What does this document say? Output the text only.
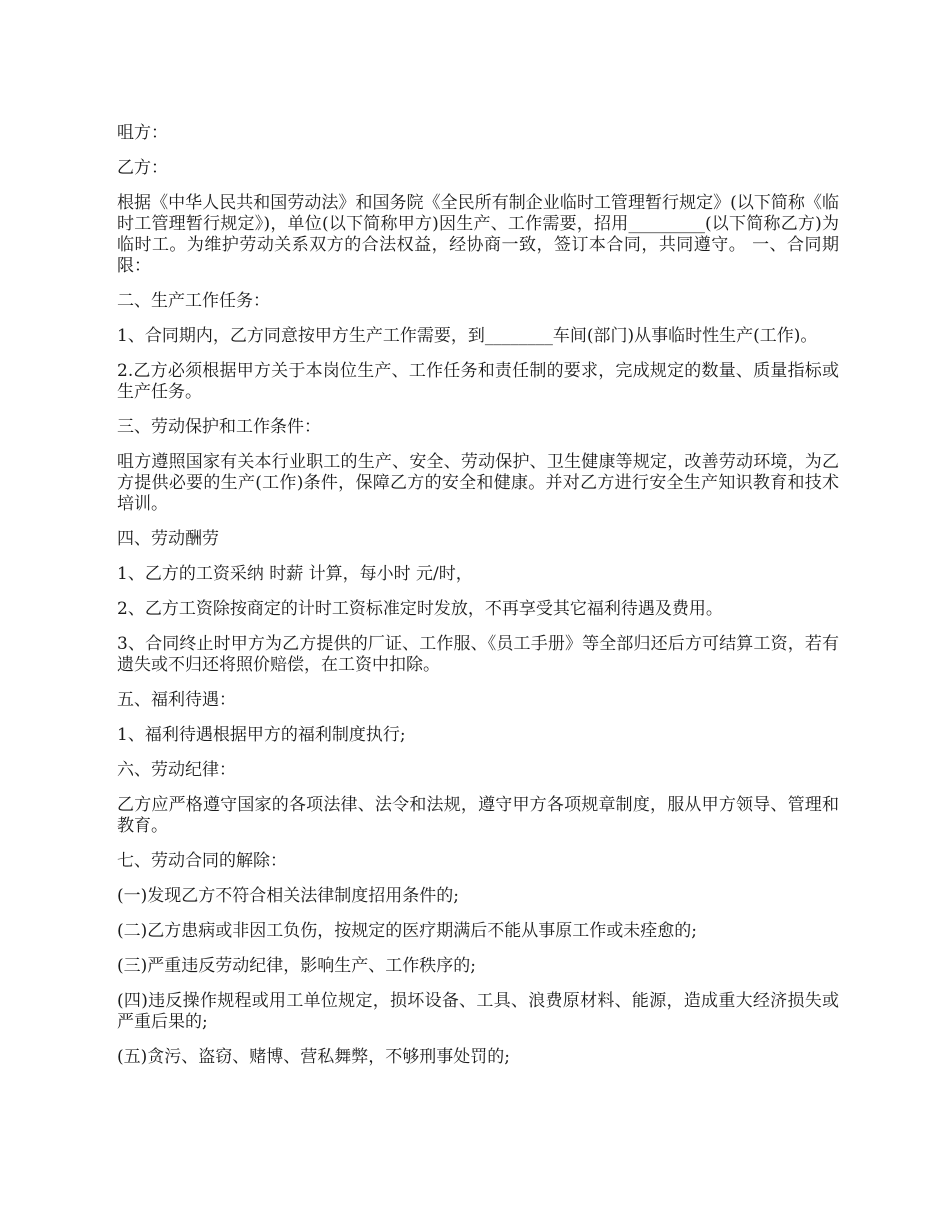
咀方：

乙方：

根据《中华人民共和国劳动法》和国务院《全民所有制企业临时工管理暂行规定》(以下简称《临时工管理暂行规定》)，单位(以下简称甲方)因生产、工作需要，招用_________(以下简称乙方)为临时工。为维护劳动关系双方的合法权益，经协商一致，签订本合同，共同遵守。 一、合同期限：

二、生产工作任务：

1、合同期内，乙方同意按甲方生产工作需要，到________车间(部门)从事临时性生产(工作)。

2.乙方必须根据甲方关于本岗位生产、工作任务和责任制的要求，完成规定的数量、质量指标或生产任务。

三、劳动保护和工作条件：

咀方遵照国家有关本行业职工的生产、安全、劳动保护、卫生健康等规定，改善劳动环境，为乙方提供必要的生产(工作)条件，保障乙方的安全和健康。并对乙方进行安全生产知识教育和技术培训。

四、劳动酬劳

1、乙方的工资采纳 时薪 计算，每小时 元/时，

2、乙方工资除按商定的计时工资标准定时发放，不再享受其它福利待遇及费用。

3、合同终止时甲方为乙方提供的厂证、工作服、《员工手册》等全部归还后方可结算工资，若有遗失或不归还将照价赔偿，在工资中扣除。

五、福利待遇：

1、福利待遇根据甲方的福利制度执行;

六、劳动纪律：

乙方应严格遵守国家的各项法律、法令和法规，遵守甲方各项规章制度，服从甲方领导、管理和教育。

七、劳动合同的解除：

(一)发现乙方不符合相关法律制度招用条件的;

(二)乙方患病或非因工负伤，按规定的医疗期满后不能从事原工作或未痊愈的;

(三)严重违反劳动纪律，影响生产、工作秩序的;

(四)违反操作规程或用工单位规定，损坏设备、工具、浪费原材料、能源，造成重大经济损失或严重后果的;

(五)贪污、盗窃、赌博、营私舞弊，不够刑事处罚的;
